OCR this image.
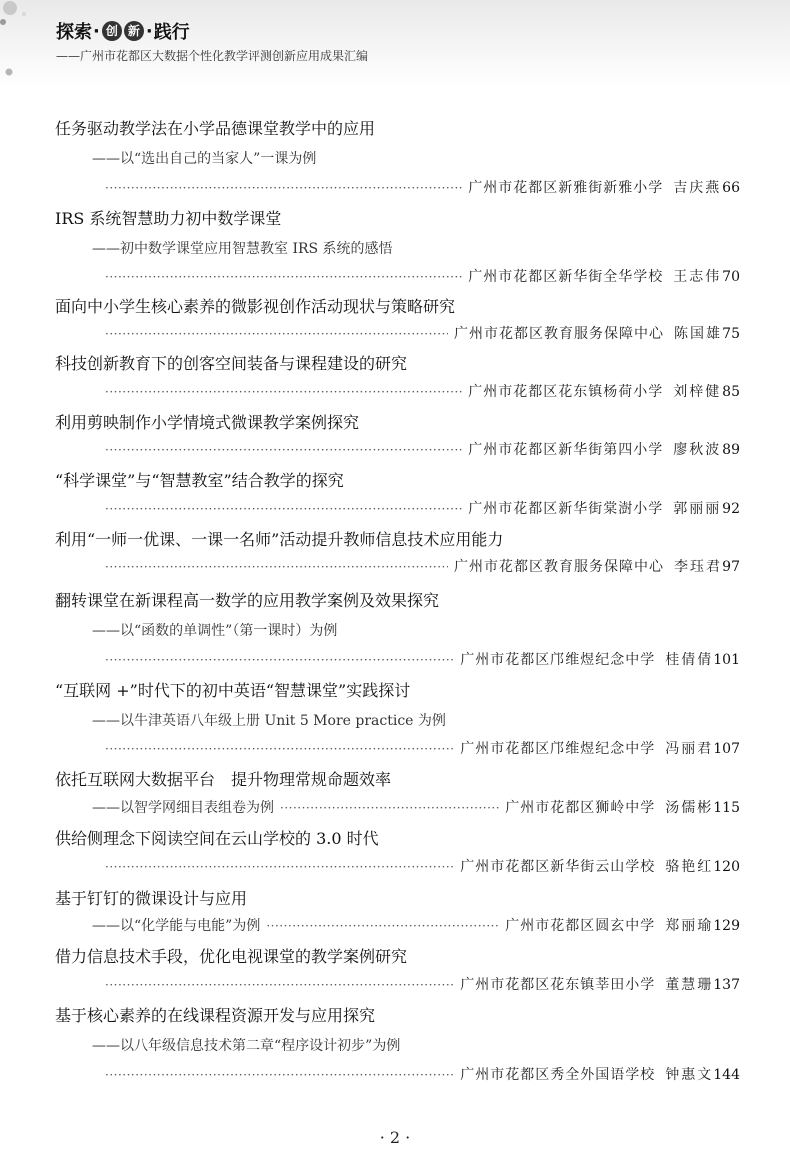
探索 · 创 新 · 践行
——广州市花都区大数据个性化教学评测创新应用成果汇编
任务驱动教学法在小学品德课堂教学中的应用
——以“选出自己的当家人”一课为例
·····
广州市花都区新雅街新雅小学 吉庆燕 66
IRS 系统智慧助力初中数学课堂
——初中数学课堂应用智慧教室 IRS 系统的感悟
·····
广州市花都区新华街全华学校 王志伟 70
面向中小学生核心素养的微影视创作活动现状与策略研究
·····
广州市花都区教育服务保障中心 陈国雄 75
科技创新教育下的创客空间装备与课程建设的研究
·····
广州市花都区花东镇杨荷小学 刘梓健 85
利用剪映制作小学情境式微课教学案例探究
·····
广州市花都区新华街第四小学 廖秋波 89
“科学课堂”与“智慧教室”结合教学的探究
·····
广州市花都区新华街棠澍小学 郭丽丽 92
利用“一师一优课、一课一名师”活动提升教师信息技术应用能力
·····
广州市花都区教育服务保障中心 李珏君 97
翻转课堂在新课程高一数学的应用教学案例及效果探究
——以“函数的单调性”（第一课时）为例
·····
广州市花都区邝维煜纪念中学 桂倩倩 101
“互联网 +”时代下的初中英语“智慧课堂”实践探讨
——以牛津英语八年级上册 Unit 5 More practice 为例
·····
广州市花都区邝维煜纪念中学 冯丽君 107
依托互联网大数据平台　提升物理常规命题效率
——以智学网细目表组卷为例 ·····	广州市花都区狮岭中学 汤儒彬 115
供给侧理念下阅读空间在云山学校的 3.0 时代
·····
广州市花都区新华街云山学校 骆艳红 120
基于钉钉的微课设计与应用
——以“化学能与电能”为例 ·····	广州市花都区圆玄中学 郑丽瑜 129
借力信息技术手段，优化电视课堂的教学案例研究
·····
广州市花都区花东镇莘田小学 董慧珊 137
基于核心素养的在线课程资源开发与应用探究
——以八年级信息技术第二章“程序设计初步”为例
·····
广州市花都区秀全外国语学校 钟惠文 144
· 2 ·
